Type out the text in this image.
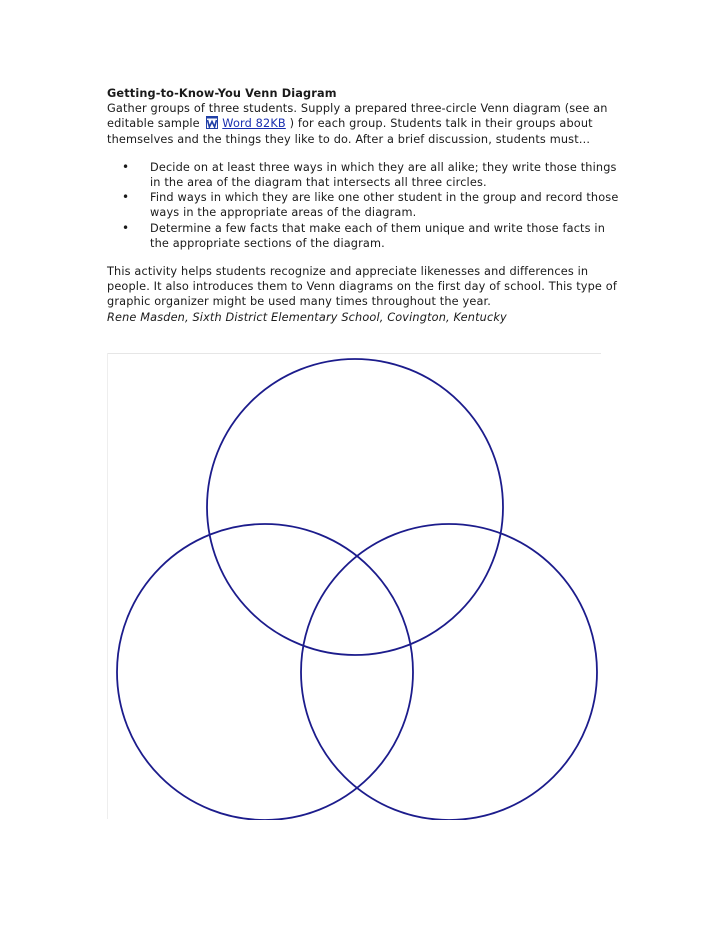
Getting-to-Know-You Venn Diagram

Gather groups of three students. Supply a prepared three-circle Venn diagram (see an editable sample Word 82KB ) for each group. Students talk in their groups about themselves and the things they like to do. After a brief discussion, students must…

• Decide on at least three ways in which they are all alike; they write those things in the area of the diagram that intersects all three circles.
• Find ways in which they are like one other student in the group and record those ways in the appropriate areas of the diagram.
• Determine a few facts that make each of them unique and write those facts in the appropriate sections of the diagram.

This activity helps students recognize and appreciate likenesses and differences in people. It also introduces them to Venn diagrams on the first day of school. This type of graphic organizer might be used many times throughout the year.

Rene Masden, Sixth District Elementary School, Covington, Kentucky
